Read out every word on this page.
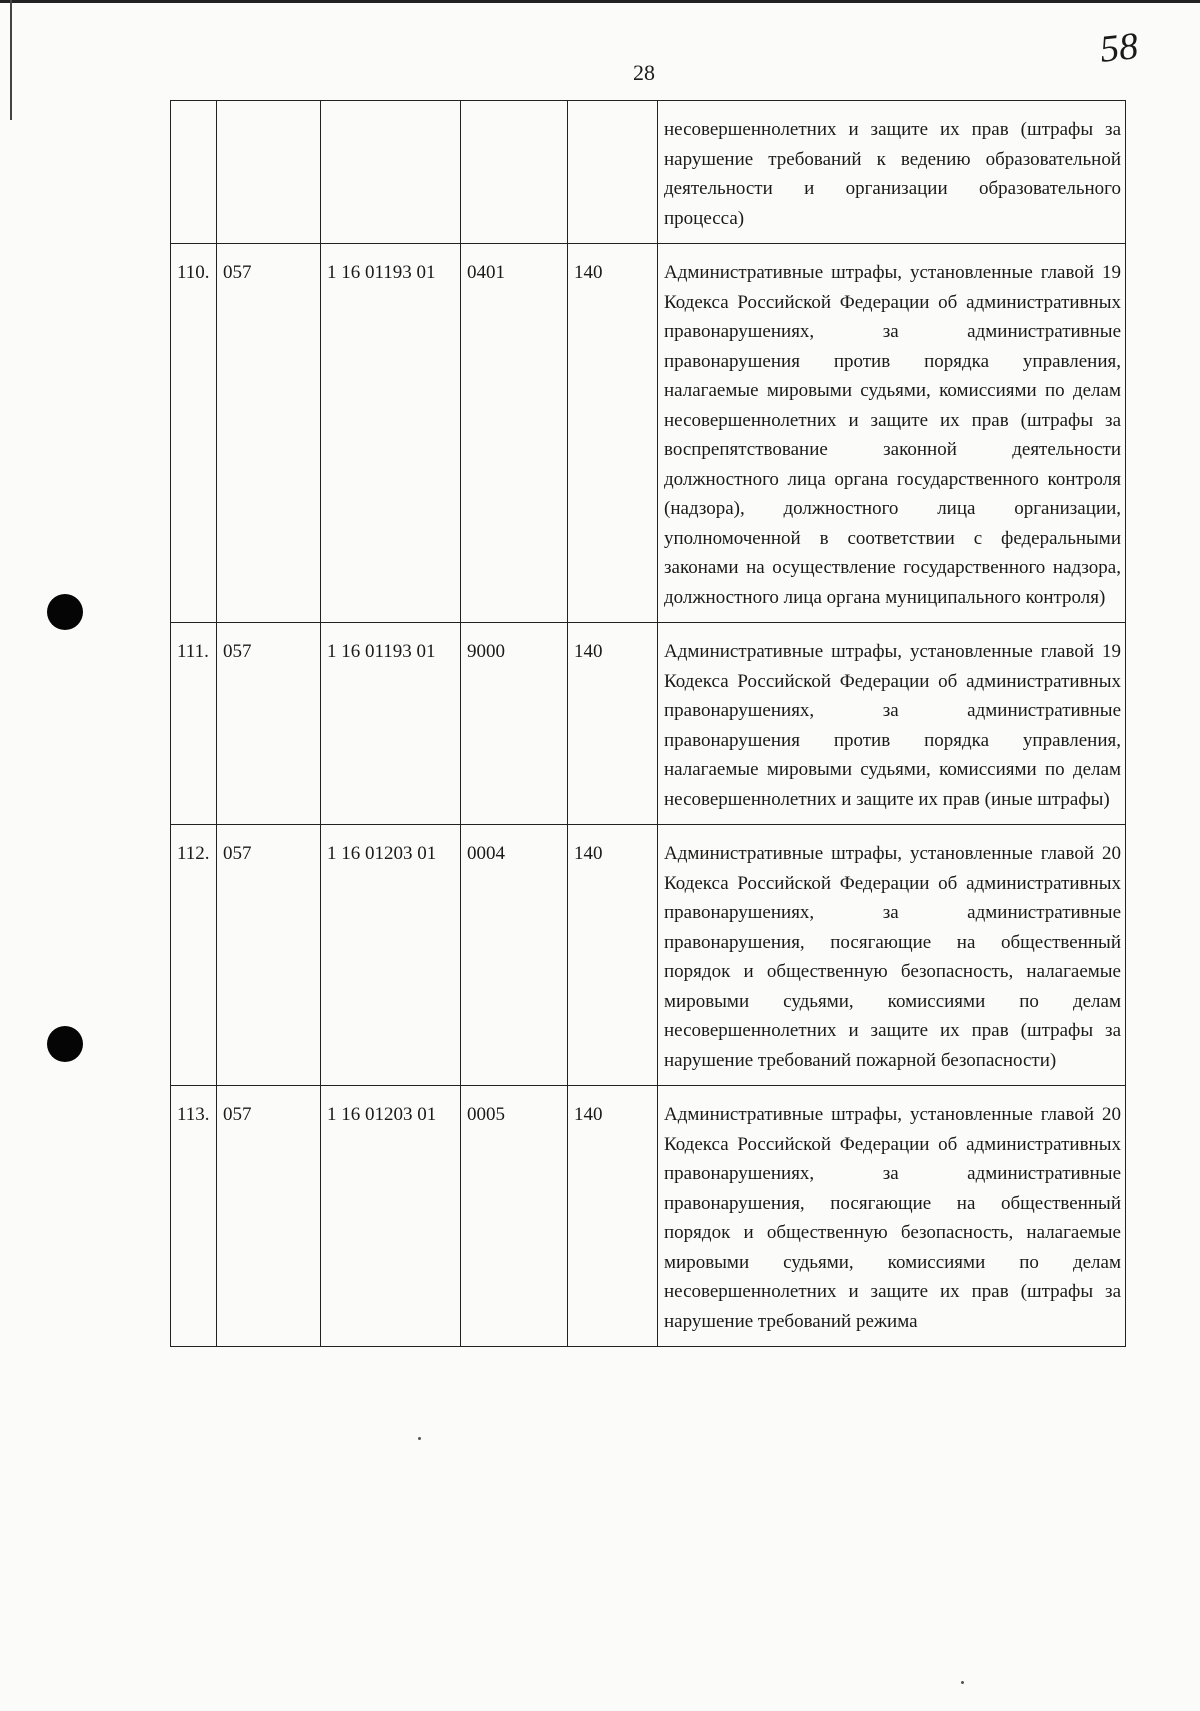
28
58
					несовершеннолетних и защите их прав (штрафы за нарушение требований к ведению образовательной деятельности и организации образовательного процесса)
110.	057	1 16 01193 01	0401	140	Административные штрафы, установленные главой 19 Кодекса Российской Федерации об административных правонарушениях, за административные правонарушения против порядка управления, налагаемые мировыми судьями, комиссиями по делам несовершеннолетних и защите их прав (штрафы за воспрепятствование законной деятельности должностного лица органа государственного контроля (надзора), должностного лица организации, уполномоченной в соответствии с федеральными законами на осуществление государственного надзора, должностного лица органа муниципального контроля)
111.	057	1 16 01193 01	9000	140	Административные штрафы, установленные главой 19 Кодекса Российской Федерации об административных правонарушениях, за административные правонарушения против порядка управления, налагаемые мировыми судьями, комиссиями по делам несовершеннолетних и защите их прав (иные штрафы)
112.	057	1 16 01203 01	0004	140	Административные штрафы, установленные главой 20 Кодекса Российской Федерации об административных правонарушениях, за административные правонарушения, посягающие на общественный порядок и общественную безопасность, налагаемые мировыми судьями, комиссиями по делам несовершеннолетних и защите их прав (штрафы за нарушение требований пожарной безопасности)
113.	057	1 16 01203 01	0005	140	Административные штрафы, установленные главой 20 Кодекса Российской Федерации об административных правонарушениях, за административные правонарушения, посягающие на общественный порядок и общественную безопасность, налагаемые мировыми судьями, комиссиями по делам несовершеннолетних и защите их прав (штрафы за нарушение требований режима
